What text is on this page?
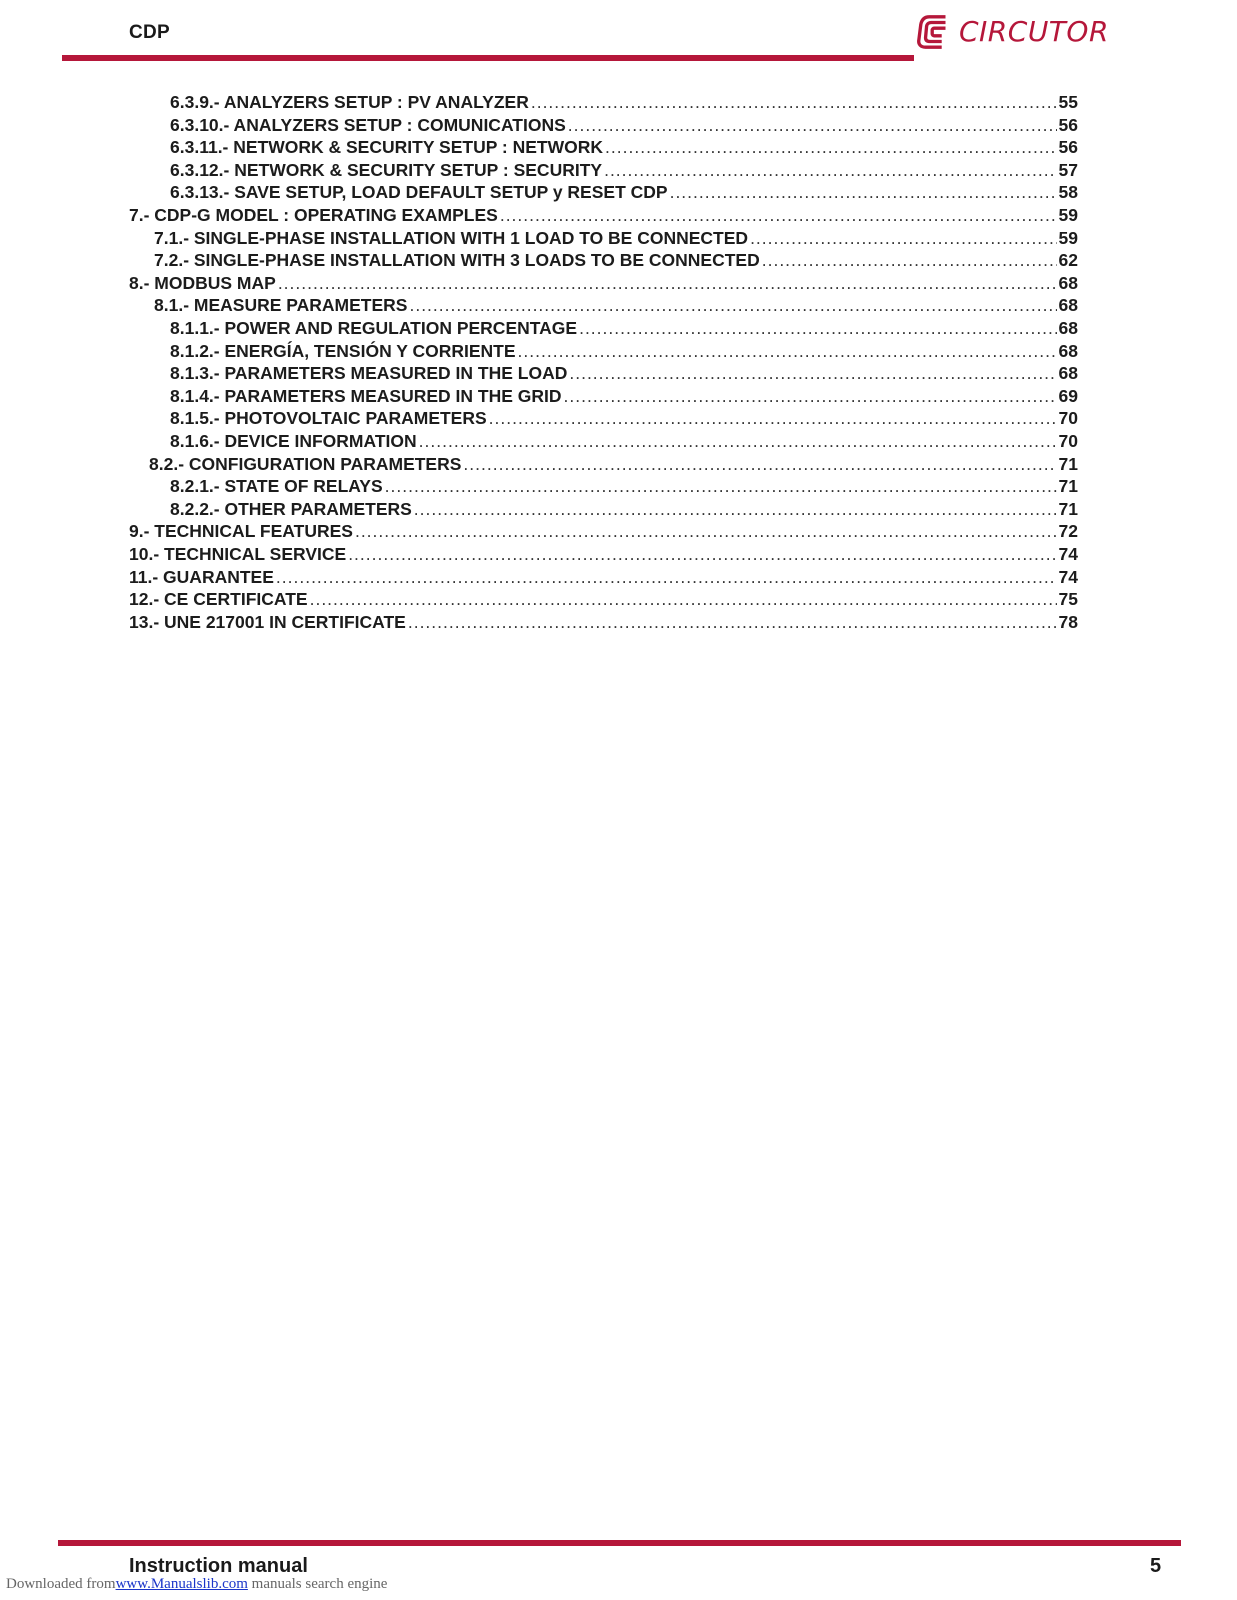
CDP	CIRCUTOR
6.3.9.- ANALYZERS SETUP : PV ANALYZER .....	55
6.3.10.- ANALYZERS SETUP : COMUNICATIONS .....	56
6.3.11.- NETWORK & SECURITY SETUP : NETWORK .....	56
6.3.12.- NETWORK & SECURITY SETUP : SECURITY .....	57
6.3.13.- SAVE SETUP, LOAD DEFAULT SETUP y RESET CDP .....	58
7.- CDP-G MODEL : OPERATING EXAMPLES .....	59
7.1.- SINGLE-PHASE INSTALLATION WITH 1 LOAD TO BE CONNECTED .....	59
7.2.- SINGLE-PHASE INSTALLATION WITH 3 LOADS TO BE CONNECTED .....	62
8.- MODBUS MAP .....	68
8.1.- MEASURE PARAMETERS .....	68
8.1.1.- POWER AND REGULATION PERCENTAGE .....	68
8.1.2.- ENERGÍA, TENSIÓN Y CORRIENTE .....	68
8.1.3.- PARAMETERS MEASURED IN THE LOAD .....	68
8.1.4.- PARAMETERS MEASURED IN THE GRID .....	69
8.1.5.- PHOTOVOLTAIC PARAMETERS .....	70
8.1.6.- DEVICE INFORMATION .....	70
8.2.- CONFIGURATION PARAMETERS .....	71
8.2.1.- STATE OF RELAYS .....	71
8.2.2.- OTHER PARAMETERS .....	71
9.- TECHNICAL FEATURES .....	72
10.- TECHNICAL SERVICE .....	74
11.- GUARANTEE .....	74
12.- CE CERTIFICATE .....	75
13.- UNE 217001 IN CERTIFICATE .....	78
Instruction manual	5
Downloaded fromwww.Manualslib.com manuals search engine
